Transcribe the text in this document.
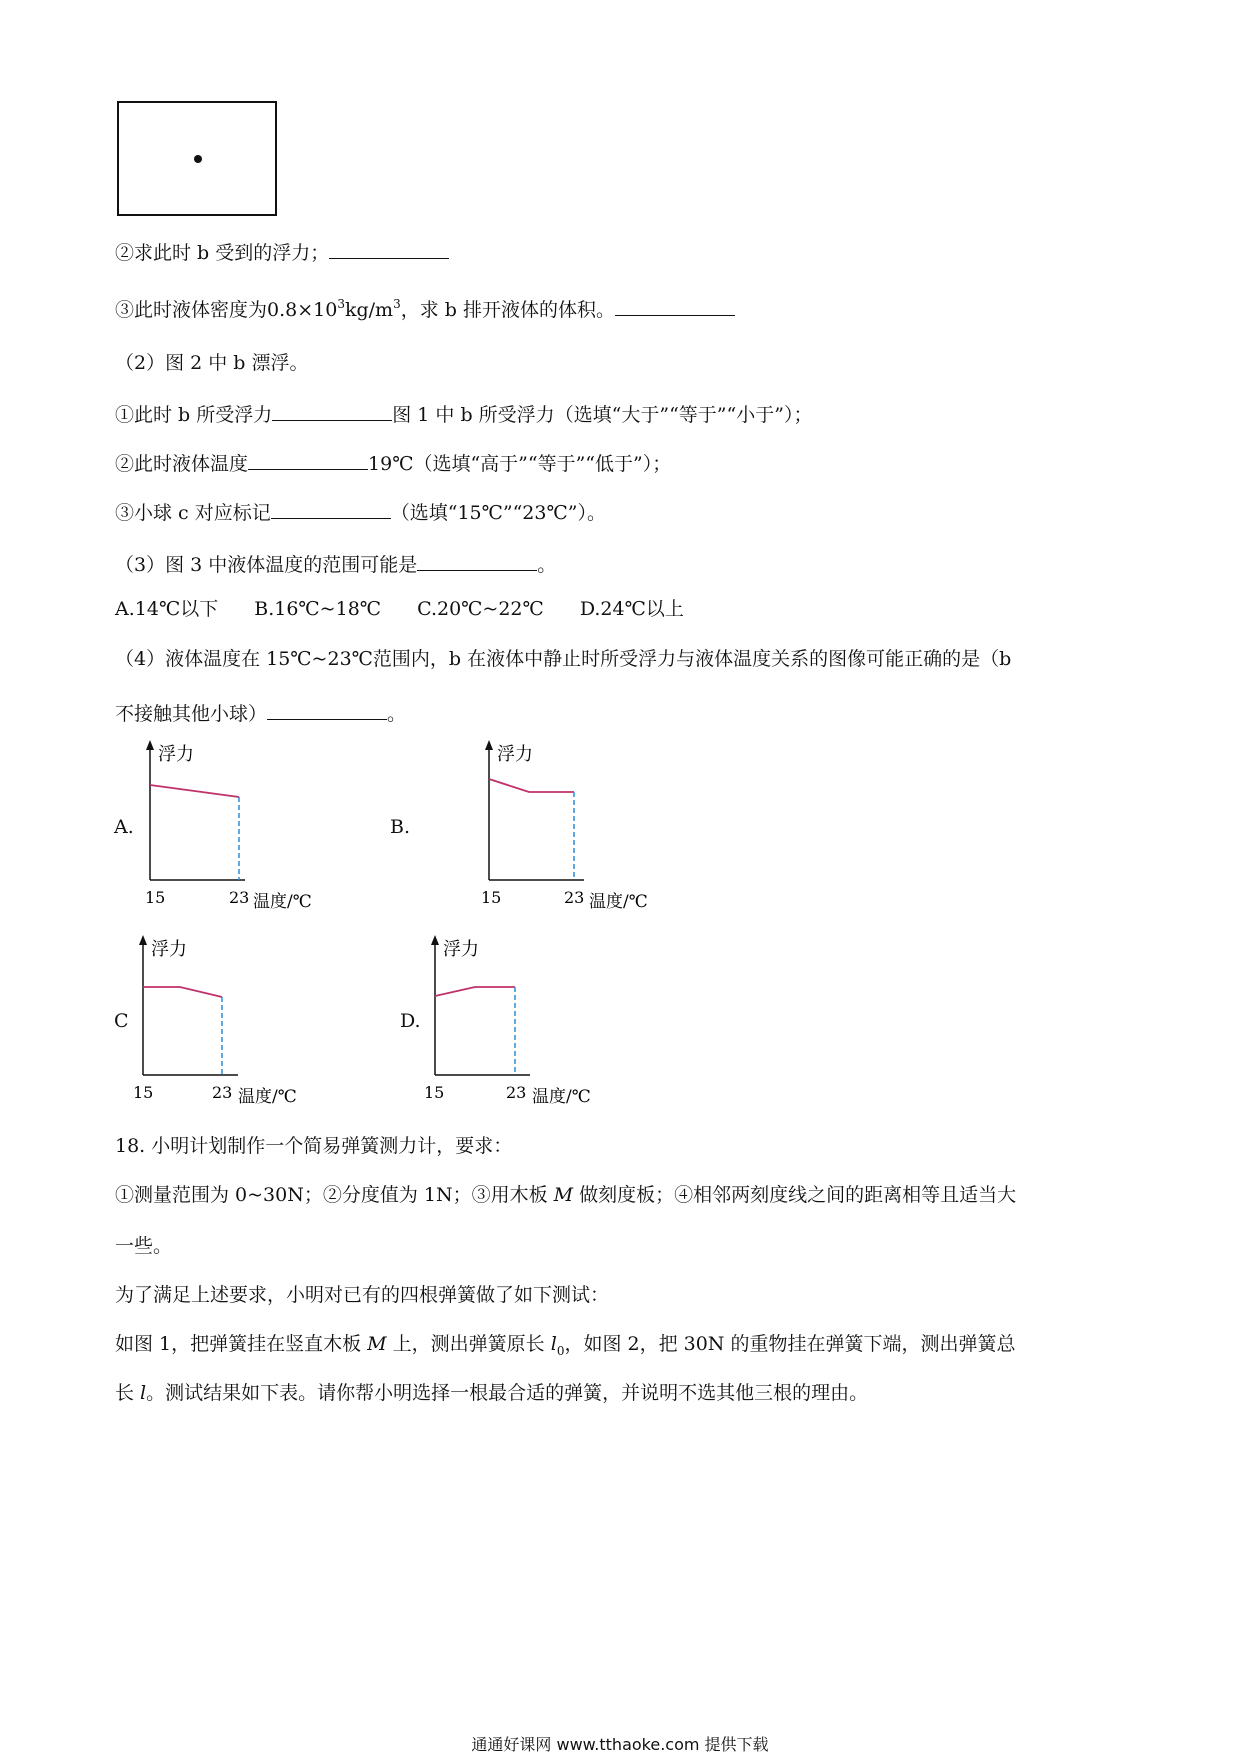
②求此时 b 受到的浮力；
③此时液体密度为$0.8\times 10^3kg/m^3$，求 b 排开液体的体积。
（2）图 2 中 b 漂浮。
①此时 b 所受浮力	图 1 中 b 所受浮力（选填“大于”“等于”“小于”）；
②此时液体温度	19℃（选填“高于”“等于”“低于”）；
③小球 c 对应标记	（选填“15℃”“23℃”）。
（3）图 3 中液体温度的范围可能是	。
A.14℃以下 B.16℃~18℃ C.20℃~22℃ D.24℃以上
（4）液体温度在 15℃~23℃范围内，b 在液体中静止时所受浮力与液体温度关系的图像可能正确的是（b
不接触其他小球）	。
A.	B.
C	D.
浮力
15	23 温度/℃
浮力
15	23 温度/℃
浮力
15	23 温度/℃
浮力
15	23 温度/℃
18. 小明计划制作一个简易弹簧测力计，要求：
①测量范围为 0~30N；②分度值为 1N；③用木板 M 做刻度板；④相邻两刻度线之间的距离相等且适当大
一些。
为了满足上述要求，小明对已有的四根弹簧做了如下测试：
如图 1，把弹簧挂在竖直木板 M 上，测出弹簧原长 $l_0$，如图 2，把 30N 的重物挂在弹簧下端，测出弹簧总
长 l。测试结果如下表。请你帮小明选择一根最合适的弹簧，并说明不选其他三根的理由。
通通好课网 www.tthaoke.com 提供下载
